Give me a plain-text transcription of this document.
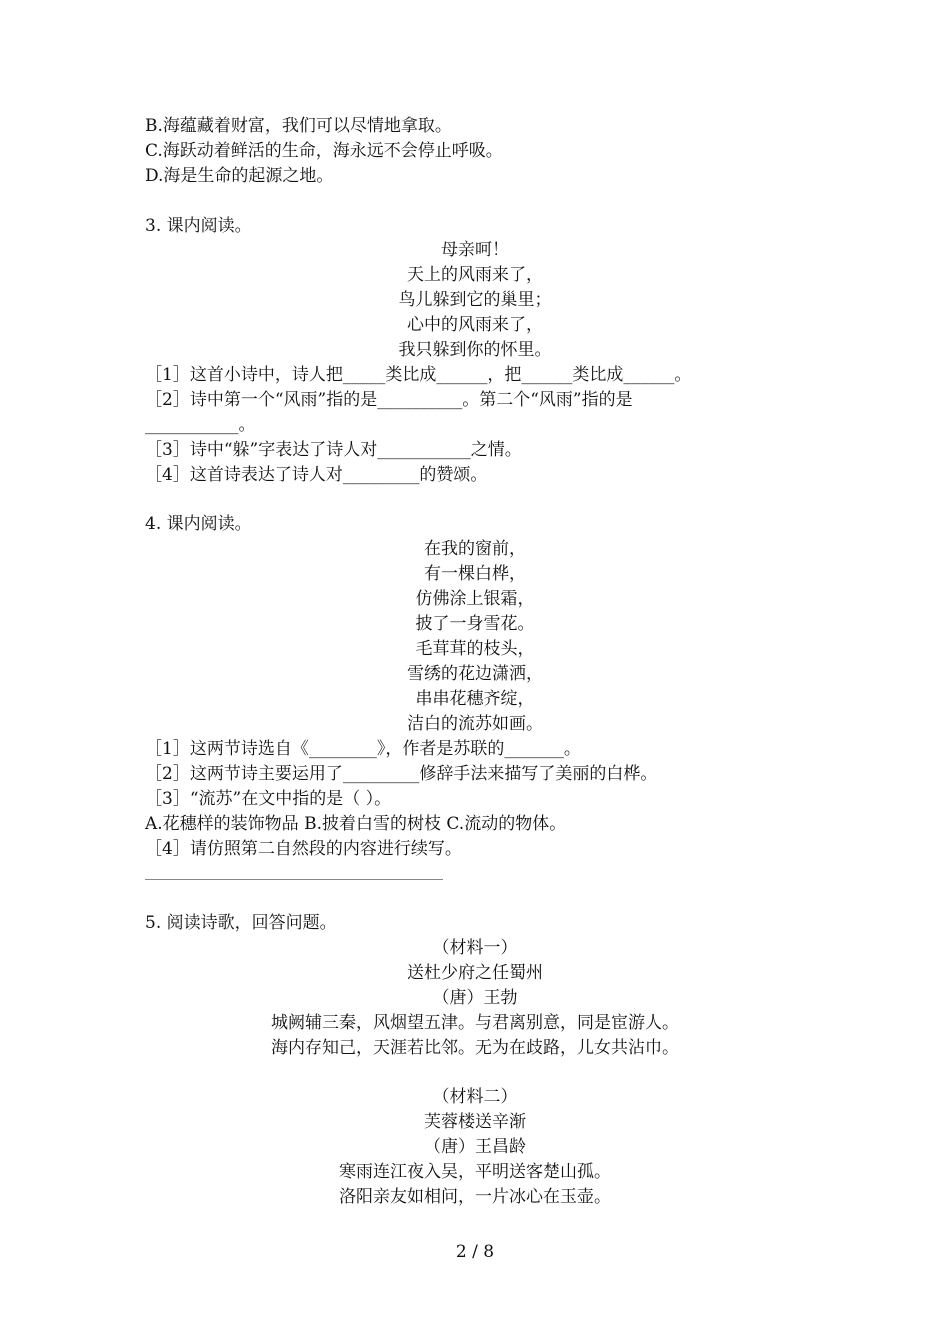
B.海蕴藏着财富，我们可以尽情地拿取。
C.海跃动着鲜活的生命，海永远不会停止呼吸。
D.海是生命的起源之地。
3. 课内阅读。
母亲呵！
天上的风雨来了，
鸟儿躲到它的巢里；
心中的风雨来了，
我只躲到你的怀里。
［1］这首小诗中，诗人把_____类比成______，把______类比成______。
［2］诗中第一个“风雨”指的是__________。第二个“风雨”指的是
___________。
［3］诗中“躲”字表达了诗人对___________之情。
［4］这首诗表达了诗人对_________的赞颂。
4. 课内阅读。
在我的窗前，
有一棵白桦，
仿佛涂上银霜，
披了一身雪花。
毛茸茸的枝头，
雪绣的花边潇洒，
串串花穗齐绽，
洁白的流苏如画。
［1］这两节诗选自《________》，作者是苏联的_______。
［2］这两节诗主要运用了_________修辞手法来描写了美丽的白桦。
［3］“流苏”在文中指的是（ ）。
A.花穗样的装饰物品 B.披着白雪的树枝 C.流动的物体。
［4］请仿照第二自然段的内容进行续写。
5. 阅读诗歌，回答问题。
（材料一）
送杜少府之任蜀州
（唐）王勃
城阙辅三秦，风烟望五津。与君离别意，同是宦游人。
海内存知己，天涯若比邻。无为在歧路，儿女共沾巾。
（材料二）
芙蓉楼送辛渐
（唐）王昌龄
寒雨连江夜入吴，平明送客楚山孤。
洛阳亲友如相问，一片冰心在玉壶。
2 / 8
